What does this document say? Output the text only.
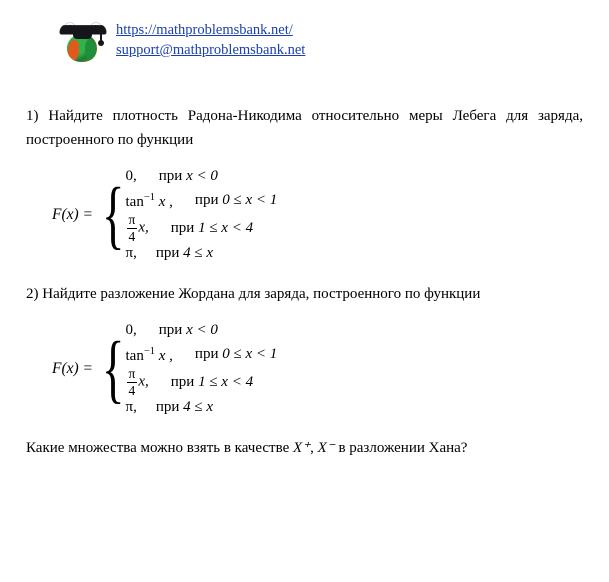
https://mathproblemsbank.net/
support@mathproblemsbank.net

1) Найдите плотность Радона-Никодима относительно меры Лебега для заряда, построенного по функции

F(x) = { 0, при x < 0
$\tan^{-1} x$ , при 0 ≤ x < 1
$\frac{\pi}{4} x$, при 1 ≤ x < 4
π, при 4 ≤ x

2) Найдите разложение Жордана для заряда, построенного по функции

F(x) = { 0, при x < 0
$\tan^{-1} x$ , при 0 ≤ x < 1
$\frac{\pi}{4} x$, при 1 ≤ x < 4
π, при 4 ≤ x

Какие множества можно взять в качестве X⁺, X⁻ в разложении Хана?
